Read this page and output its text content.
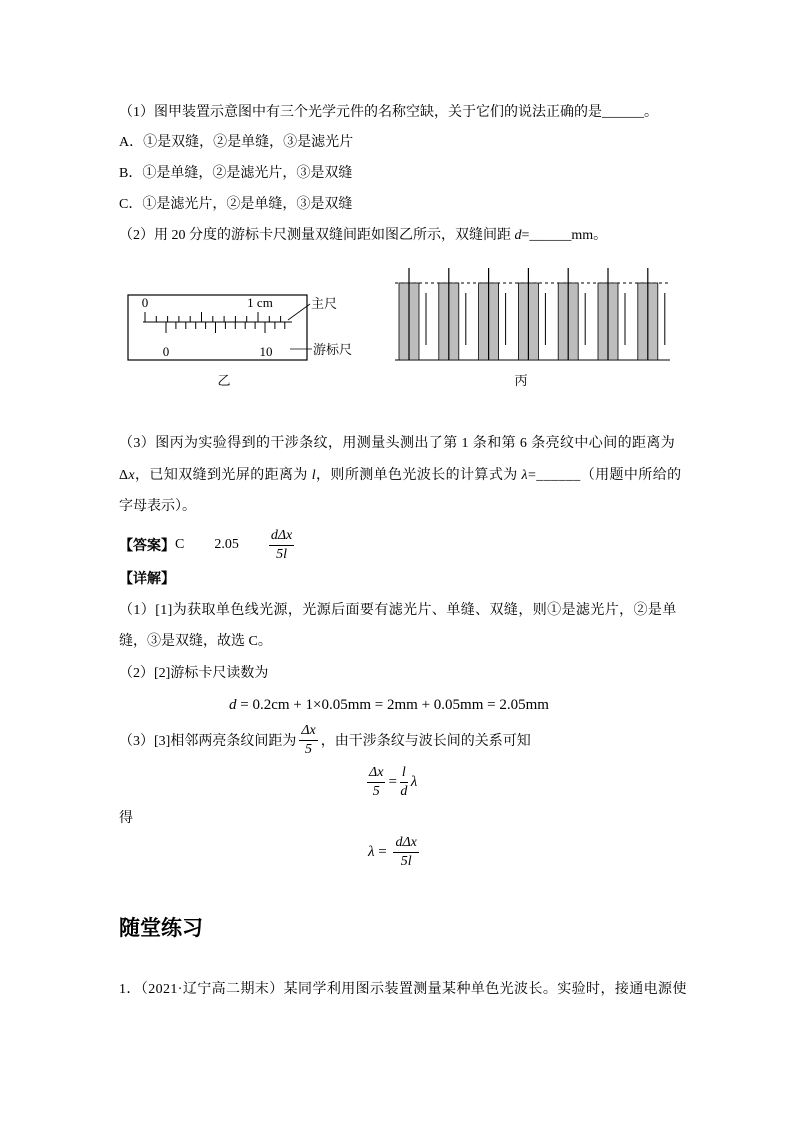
（1）图甲装置示意图中有三个光学元件的名称空缺，关于它们的说法正确的是______。
A．①是双缝，②是单缝，③是滤光片
B．①是单缝，②是滤光片，③是双缝
C．①是滤光片，②是单缝，③是双缝
（2）用 20 分度的游标卡尺测量双缝间距如图乙所示，双缝间距 d=______mm。
0	1 cm
0	10
主尺
游标尺
乙	丙
（3）图丙为实验得到的干涉条纹，用测量头测出了第 1 条和第 6 条亮纹中心间的距离为
Δx，已知双缝到光屏的距离为 l，则所测单色光波长的计算式为 λ=______（用题中所给的
字母表示）。
【答案】 C $2.05 \frac{\text{dΔx}}{5l}$
【详解】
（1）[1]为获取单色线光源，光源后面要有滤光片、单缝、双缝，则①是滤光片，②是单
缝，③是双缝，故选 C。
（2）[2]游标卡尺读数为
d = 0.2cm + 1×0.05mm = 2mm + 0.05mm = 2.05mm
（3）[3]相邻两亮条纹间距为 $\frac{\Delta x}{5}$ ，由干涉条纹与波长间的关系可知
$\frac{\Delta x}{5} = \frac{l}{d}$ λ
得
$\lambda = \frac{\text{dΔx}}{5l}$
随堂练习
1．（2021·辽宁高二期末）某同学利用图示装置测量某种单色光波长。实验时，接通电源使
